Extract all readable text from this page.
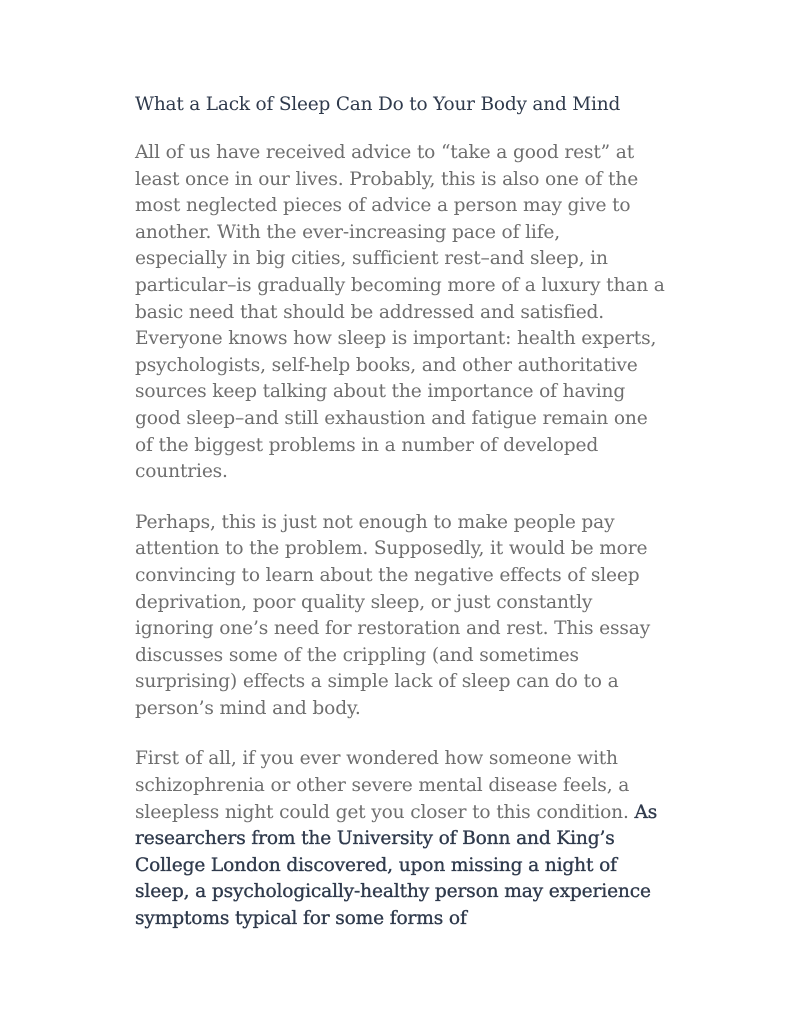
What a Lack of Sleep Can Do to Your Body and Mind

All of us have received advice to “take a good rest” at
least once in our lives. Probably, this is also one of the
most neglected pieces of advice a person may give to
another. With the ever-increasing pace of life,
especially in big cities, sufficient rest–and sleep, in
particular–is gradually becoming more of a luxury than a
basic need that should be addressed and satisfied.
Everyone knows how sleep is important: health experts,
psychologists, self-help books, and other authoritative
sources keep talking about the importance of having
good sleep–and still exhaustion and fatigue remain one
of the biggest problems in a number of developed
countries.

Perhaps, this is just not enough to make people pay
attention to the problem. Supposedly, it would be more
convincing to learn about the negative effects of sleep
deprivation, poor quality sleep, or just constantly
ignoring one’s need for restoration and rest. This essay
discusses some of the crippling (and sometimes
surprising) effects a simple lack of sleep can do to a
person’s mind and body.

First of all, if you ever wondered how someone with
schizophrenia or other severe mental disease feels, a
sleepless night could get you closer to this condition. As
researchers from the University of Bonn and King’s
College London discovered, upon missing a night of
sleep, a psychologically-healthy person may experience
symptoms typical for some forms of
